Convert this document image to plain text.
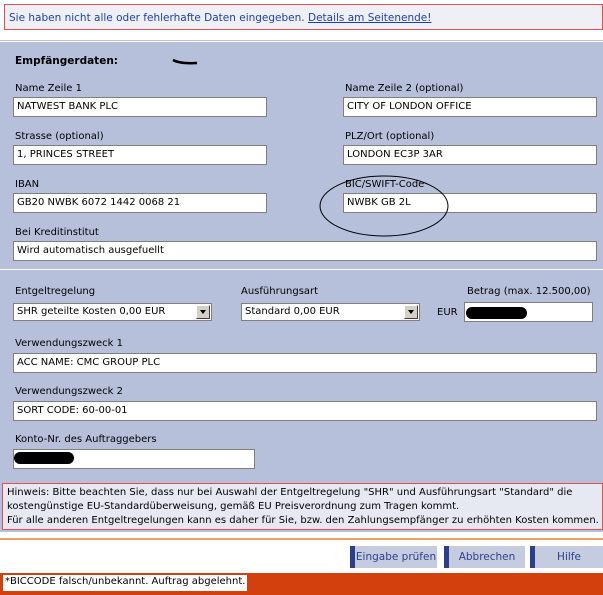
Sie haben nicht alle oder fehlerhafte Daten eingegeben. Details am Seitenende!
Empfängerdaten:
Name Zeile 1
NATWEST BANK PLC
Name Zeile 2 (optional)
CITY OF LONDON OFFICE
Strasse (optional)
1, PRINCES STREET
PLZ/Ort (optional)
LONDON EC3P 3AR
IBAN
GB20 NWBK 6072 1442 0068 21
BIC/SWIFT-Code
NWBK GB 2L
Bei Kreditinstitut
Wird automatisch ausgefuellt
Entgeltregelung
SHR geteilte Kosten 0,00 EUR
Ausführungsart
Standard 0,00 EUR
Betrag (max. 12.500,00)
EUR
Verwendungszweck 1
ACC NAME: CMC GROUP PLC
Verwendungszweck 2
SORT CODE: 60-00-01
Konto-Nr. des Auftraggebers
Hinweis: Bitte beachten Sie, dass nur bei Auswahl der Entgeltregelung "SHR" und Ausführungsart "Standard" die
kostengünstige EU-Standardüberweisung, gemäß EU Preisverordnung zum Tragen kommt.
Für alle anderen Entgeltregelungen kann es daher für Sie, bzw. den Zahlungsempfänger zu erhöhten Kosten kommen.
Eingabe prüfen	Abbrechen	Hilfe
*BICCODE falsch/unbekannt. Auftrag abgelehnt.
